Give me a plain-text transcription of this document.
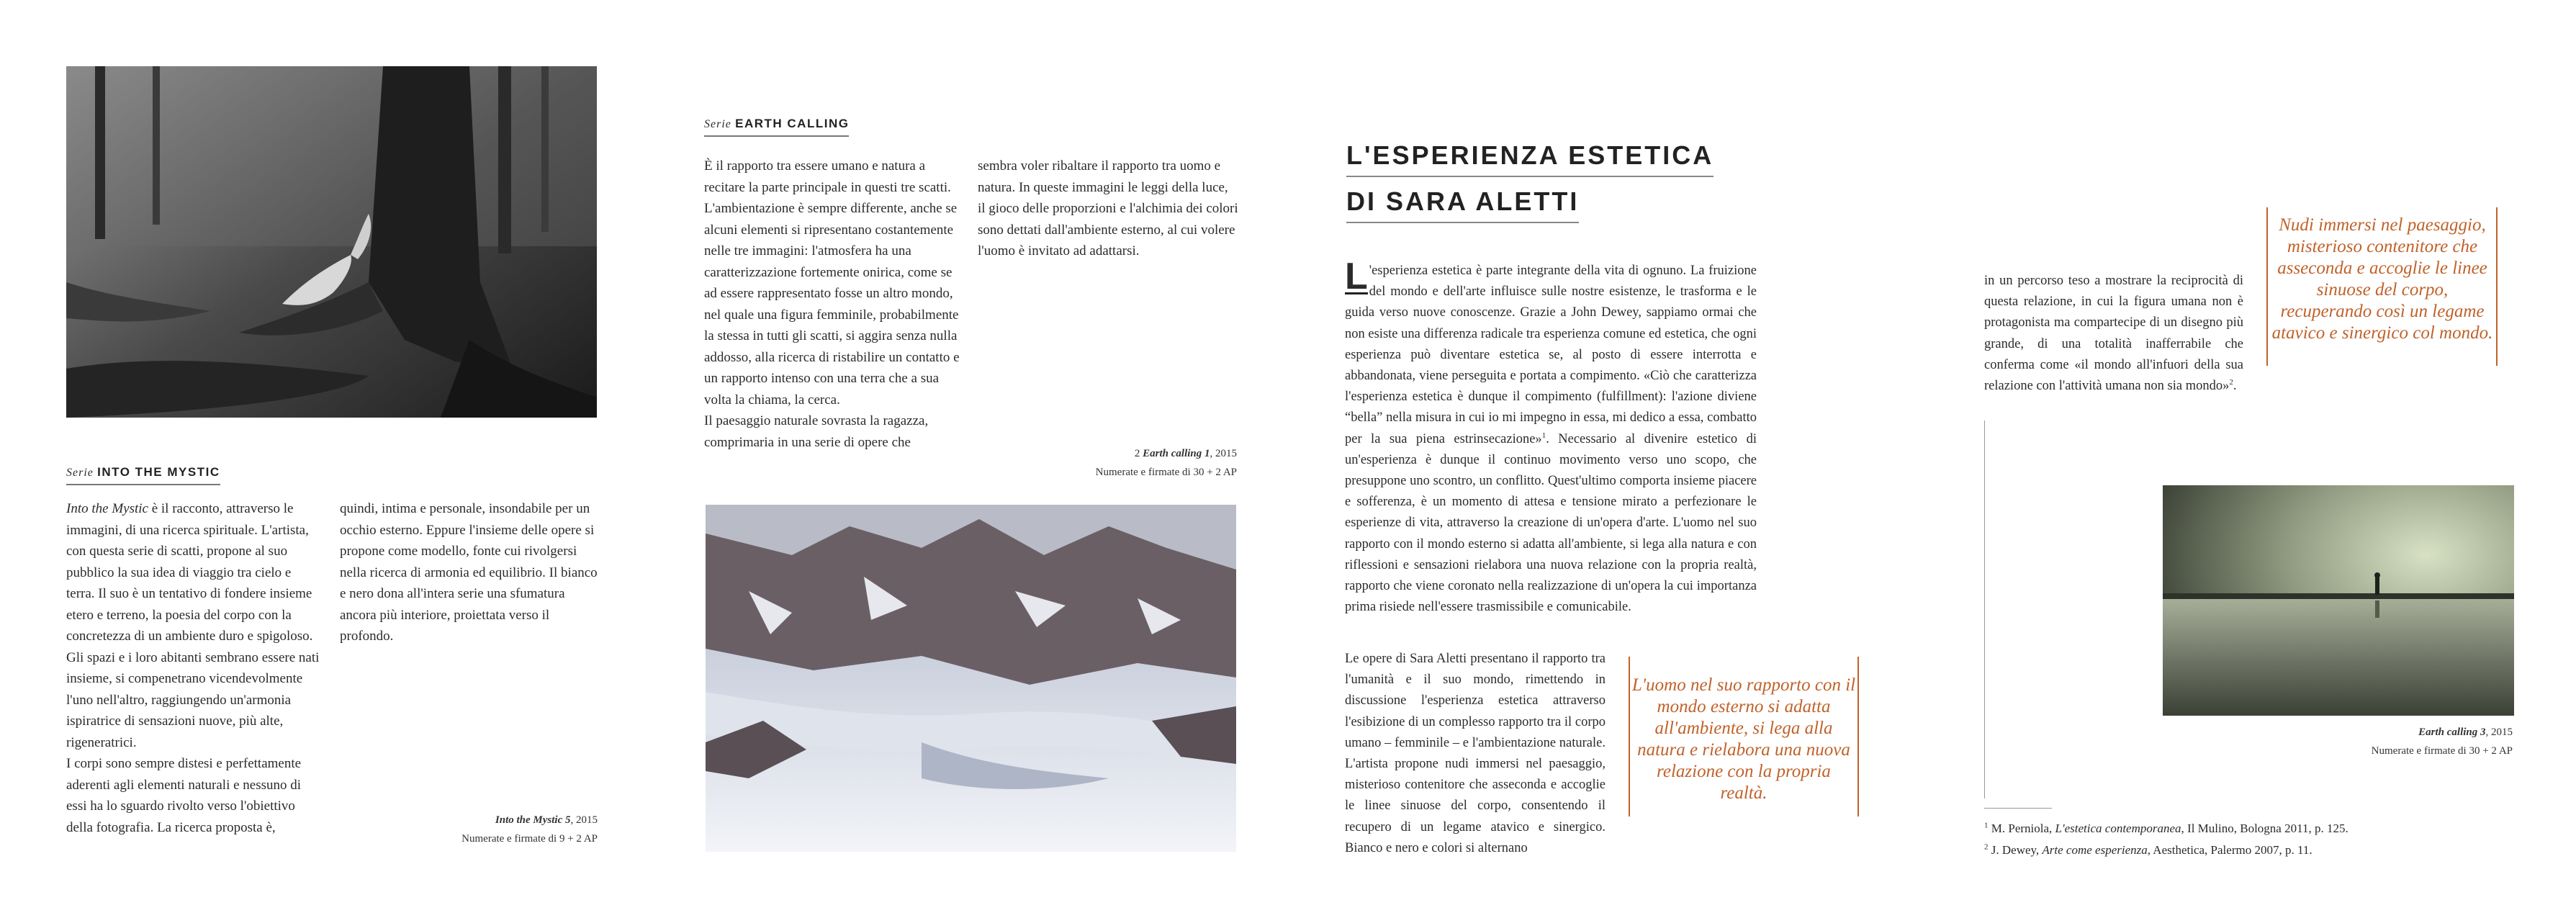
Serie INTO THE MYSTIC

Into the Mystic è il racconto, attraverso le immagini, di una ricerca spirituale. L'artista, con questa serie di scatti, propone al suo pubblico la sua idea di viaggio tra cielo e terra. Il suo è un tentativo di fondere insieme etero e terreno, la poesia del corpo con la concretezza di un ambiente duro e spigoloso. Gli spazi e i loro abitanti sembrano essere nati insieme, si compenetrano vicendevolmente l'uno nell'altro, raggiungendo un'armonia ispiratrice di sensazioni nuove, più alte, rigeneratrici.

I corpi sono sempre distesi e perfettamente aderenti agli elementi naturali e nessuno di essi ha lo sguardo rivolto verso l'obiettivo della fotografia. La ricerca proposta è,

quindi, intima e personale, insondabile per un occhio esterno. Eppure l'insieme delle opere si propone come modello, fonte cui rivolgersi nella ricerca di armonia ed equilibrio. Il bianco e nero dona all'intera serie una sfumatura ancora più interiore, proiettata verso il profondo.

Into the Mystic 5, 2015
Numerate e firmate di 9 + 2 AP
Serie EARTH CALLING

È il rapporto tra essere umano e natura a recitare la parte principale in questi tre scatti. L'ambientazione è sempre differente, anche se alcuni elementi si ripresentano costantemente nelle tre immagini: l'atmosfera ha una caratterizzazione fortemente onirica, come se ad essere rappresentato fosse un altro mondo, nel quale una figura femminile, probabilmente la stessa in tutti gli scatti, si aggira senza nulla addosso, alla ricerca di ristabilire un contatto e un rapporto intenso con una terra che a sua volta la chiama, la cerca.

Il paesaggio naturale sovrasta la ragazza, comprimaria in una serie di opere che

sembra voler ribaltare il rapporto tra uomo e natura. In queste immagini le leggi della luce, il gioco delle proporzioni e l'alchimia dei colori sono dettati dall'ambiente esterno, al cui volere l'uomo è invitato ad adattarsi.

2 Earth calling 1, 2015
Numerate e firmate di 30 + 2 AP
L'ESPERIENZA ESTETICA
DI SARA ALETTI

L 'esperienza estetica è parte integrante della vita di ognuno. La fruizione del mondo e dell'arte influisce sulle nostre esistenze, le trasforma e le guida verso nuove conoscenze. Grazie a John Dewey, sappiamo ormai che non esiste una differenza radicale tra esperienza comune ed estetica, che ogni esperienza può diventare estetica se, al posto di essere interrotta e abbandonata, viene perseguita e portata a compimento. «Ciò che caratterizza l'esperienza estetica è dunque il compimento (fulfillment): l'azione diviene “bella” nella misura in cui io mi impegno in essa, mi dedico a essa, combatto per la sua piena estrinsecazione»$^1$. Necessario al divenire estetico di un'esperienza è dunque il continuo movimento verso uno scopo, che presuppone uno scontro, un conflitto. Quest'ultimo comporta insieme piacere e sofferenza, è un momento di attesa e tensione mirato a perfezionare le esperienze di vita, attraverso la creazione di un'opera d'arte. L'uomo nel suo rapporto con il mondo esterno si adatta all'ambiente, si lega alla natura e con riflessioni e sensazioni rielabora una nuova relazione con la propria realtà, rapporto che viene coronato nella realizzazione di un'opera la cui importanza prima risiede nell'essere trasmissibile e comunicabile.

Le opere di Sara Aletti presentano il rapporto tra l'umanità e il suo mondo, rimettendo in discussione l'esperienza estetica attraverso l'esibizione di un complesso rapporto tra il corpo umano – femminile – e l'ambientazione naturale. L'artista propone nudi immersi nel paesaggio, misterioso contenitore che asseconda e accoglie le linee sinuose del corpo, consentendo il recupero di un legame atavico e sinergico. Bianco e nero e colori si alternano

L'uomo nel suo rapporto con il mondo esterno si adatta all'ambiente, si lega alla natura e rielabora una nuova relazione con la propria realtà.

in un percorso teso a mostrare la reciprocità di questa relazione, in cui la figura umana non è protagonista ma compartecipe di un disegno più grande, di una totalità inafferrabile che conferma come «il mondo all'infuori della sua relazione con l'attività umana non sia mondo»$^2$.

Nudi immersi nel paesaggio, misterioso contenitore che asseconda e accoglie le linee sinuose del corpo, recuperando così un legame atavico e sinergico col mondo.
Earth calling 3, 2015
Numerate e firmate di 30 + 2 AP
$^1$ M. Perniola, L'estetica contemporanea, Il Mulino, Bologna 2011, p. 125.
$^2$ J. Dewey, Arte come esperienza, Aesthetica, Palermo 2007, p. 11.
